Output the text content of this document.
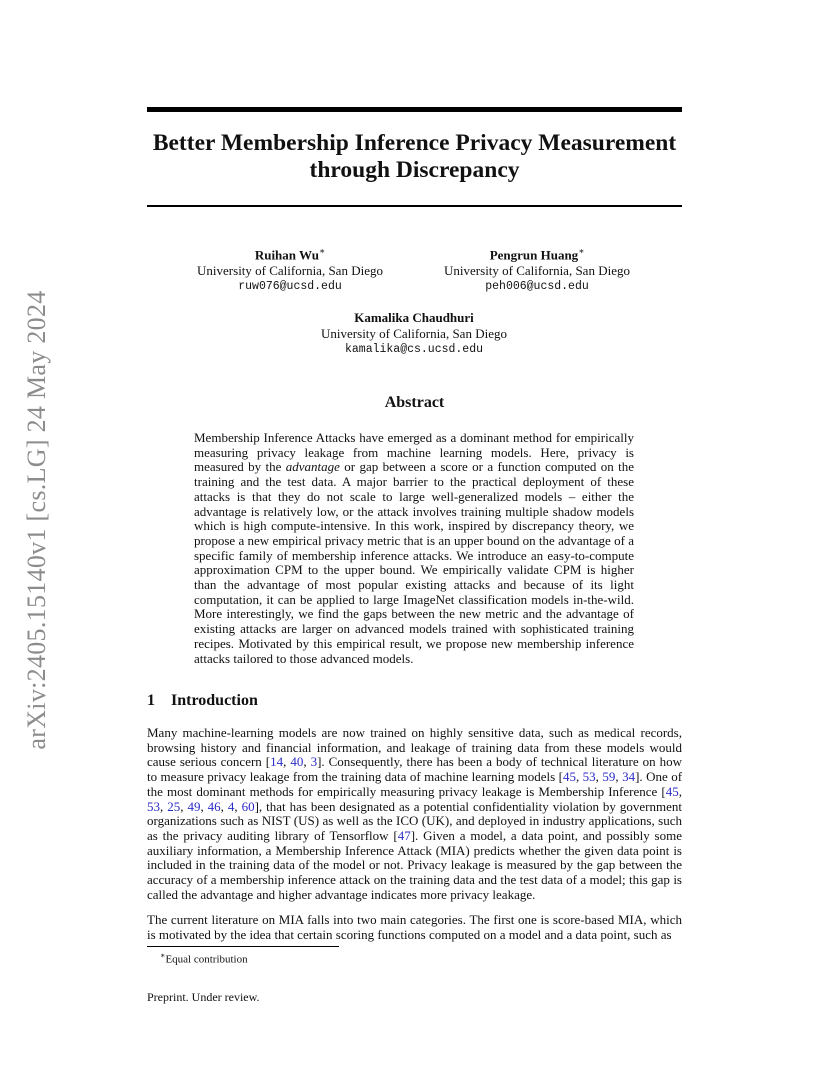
arXiv:2405.15140v1 [cs.LG] 24 May 2024
Better Membership Inference Privacy Measurement
through Discrepancy
Ruihan Wu∗
University of California, San Diego
ruw076@ucsd.edu
Pengrun Huang∗
University of California, San Diego
peh006@ucsd.edu
Kamalika Chaudhuri
University of California, San Diego
kamalika@cs.ucsd.edu
Abstract
Membership Inference Attacks have emerged as a dominant method for empirically measuring privacy leakage from machine learning models. Here, privacy is measured by the advantage or gap between a score or a function computed on the training and the test data. A major barrier to the practical deployment of these attacks is that they do not scale to large well-generalized models – either the advantage is relatively low, or the attack involves training multiple shadow models which is high compute-intensive. In this work, inspired by discrepancy theory, we propose a new empirical privacy metric that is an upper bound on the advantage of a specific family of membership inference attacks. We introduce an easy-to-compute approximation CPM to the upper bound. We empirically validate CPM is higher than the advantage of most popular existing attacks and because of its light computation, it can be applied to large ImageNet classification models in-the-wild. More interestingly, we find the gaps between the new metric and the advantage of existing attacks are larger on advanced models trained with sophisticated training recipes. Motivated by this empirical result, we propose new membership inference attacks tailored to those advanced models.
1 Introduction
Many machine-learning models are now trained on highly sensitive data, such as medical records, browsing history and financial information, and leakage of training data from these models would cause serious concern [14, 40, 3]. Consequently, there has been a body of technical literature on how to measure privacy leakage from the training data of machine learning models [45, 53, 59, 34]. One of the most dominant methods for empirically measuring privacy leakage is Membership Inference [45, 53, 25, 49, 46, 4, 60], that has been designated as a potential confidentiality violation by government organizations such as NIST (US) as well as the ICO (UK), and deployed in industry applications, such as the privacy auditing library of Tensorflow [47]. Given a model, a data point, and possibly some auxiliary information, a Membership Inference Attack (MIA) predicts whether the given data point is included in the training data of the model or not. Privacy leakage is measured by the gap between the accuracy of a membership inference attack on the training data and the test data of a model; this gap is called the advantage and higher advantage indicates more privacy leakage.
The current literature on MIA falls into two main categories. The first one is score-based MIA, which is motivated by the idea that certain scoring functions computed on a model and a data point, such as
∗Equal contribution
Preprint. Under review.
